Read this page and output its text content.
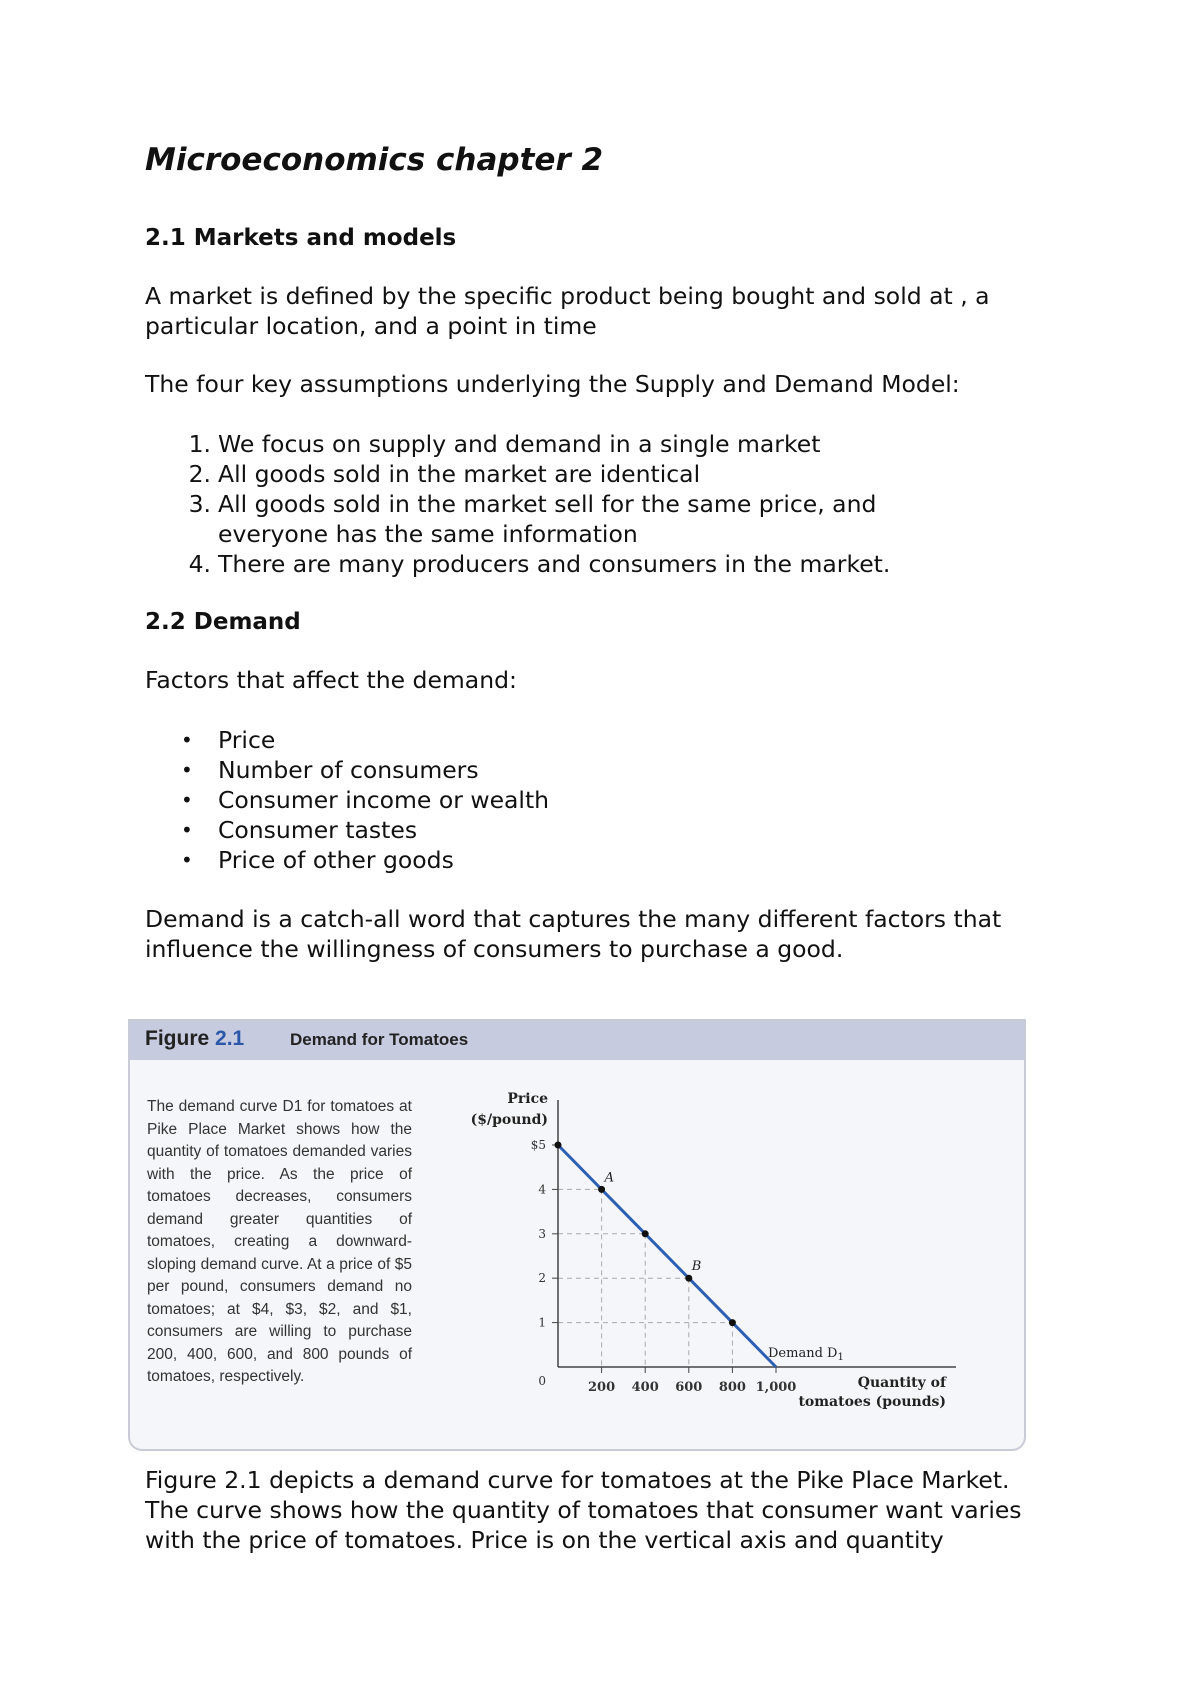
Microeconomics chapter 2
2.1 Markets and models

A market is defined by the specific product being bought and sold at , a
particular location, and a point in time

The four key assumptions underlying the Supply and Demand Model:

1. We focus on supply and demand in a single market
2. All goods sold in the market are identical
3. All goods sold in the market sell for the same price, and everyone has the same information
4. There are many producers and consumers in the market.
2.2 Demand

Factors that affect the demand:

•	Price
•	Number of consumers
•	Consumer income or wealth
•	Consumer tastes
•	Price of other goods

Demand is a catch-all word that captures the many different factors that
influence the willingness of consumers to purchase a good.

Figure 2.1 depicts a demand curve for tomatoes at the Pike Place Market.
The curve shows how the quantity of tomatoes that consumer want varies
with the price of tomatoes. Price is on the vertical axis and quantity

Figure 2.1	Demand for Tomatoes

The demand curve D1 for tomatoes at Pike Place Market shows how the quantity of tomatoes demanded varies with the price. As the price of tomatoes decreases, consumers demand greater quantities of tomatoes, creating a downward-sloping demand curve. At a price of $5 per pound, consumers demand no tomatoes; at $4, $3, $2, and $1, consumers are willing to purchase 200, 400, 600, and 800 pounds of tomatoes, respectively.

1
2
3
4
$5
200 400 600 800 1,000
0
Price
($/pound)
Quantity of
tomatoes (pounds)
Demand $D_1$
A
B
